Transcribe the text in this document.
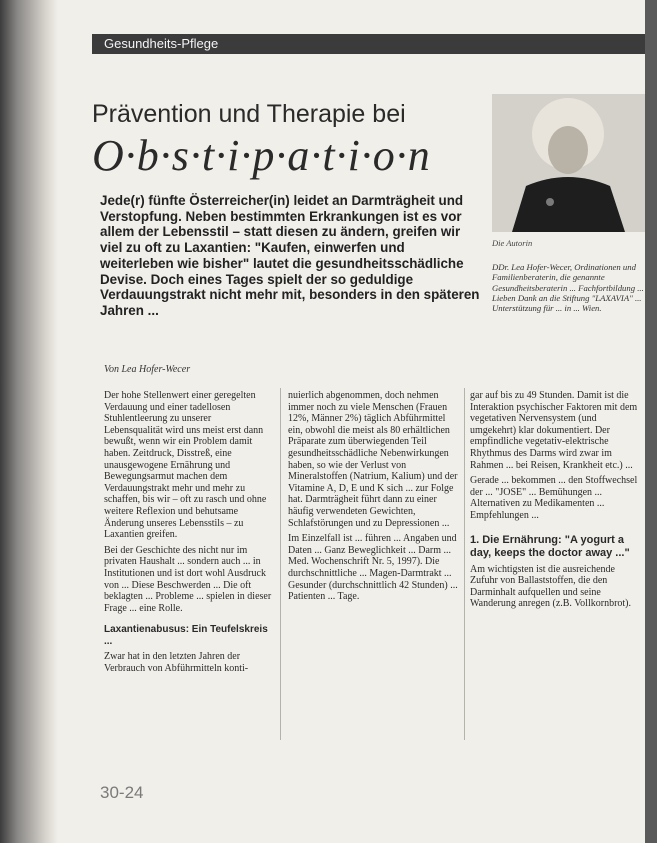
Gesundheits-Pflege
Prävention und Therapie bei
O·b·s·t·i·p·a·t·i·o·n

Jede(r) fünfte Österreicher(in) leidet an Darmträgheit und Verstopfung. Neben bestimmten Erkrankungen ist es vor allem der Lebensstil – statt diesen zu ändern, greifen wir viel zu oft zu Laxantien: "Kaufen, einwerfen und weiterleben wie bisher" lautet die gesundheitsschädliche Devise. Doch eines Tages spielt der so geduldige Verdauungstrakt nicht mehr mit, besonders in den späteren Jahren ...

Die Autorin

DDr. Lea Hofer-Wecer, Ordinationen und Familienberaterin, die genannte Gesundheitsberaterin ... Fachfortbildung ... Lieben Dank an die Stiftung "LAXAVIA" ... Unterstützung für ... in ... Wien.

Von Lea Hofer-Wecer

Der hohe Stellenwert einer geregelten Verdauung und einer tadellosen Stuhlentleerung zu unserer Lebensqualität wird uns meist erst dann bewußt, wenn wir ein Problem damit haben. Zeitdruck, Disstreß, eine unausgewogene Ernährung und Bewegungsarmut machen dem Verdauungstrakt mehr und mehr zu schaffen, bis wir – oft zu rasch und ohne weitere Reflexion und behutsame Änderung unseres Lebensstils – zu Laxantien greifen.

Bei der Geschichte des nicht nur im privaten Haushalt ... sondern auch ... in Institutionen und ist dort wohl Ausdruck von ... Diese Beschwerden ... Die oft beklagten ... Probleme ... spielen in dieser Frage ... eine Rolle.

Laxantienabusus: Ein Teufelskreis ...

Zwar hat in den letzten Jahren der Verbrauch von Abführmitteln konti-

nuierlich abgenommen, doch nehmen immer noch zu viele Menschen (Frauen 12%, Männer 2%) täglich Abführmittel ein, obwohl die meist als 80 erhältlichen Präparate zum überwiegenden Teil gesundheitsschädliche Nebenwirkungen haben, so wie der Verlust von Mineralstoffen (Natrium, Kalium) und der Vitamine A, D, E und K sich ... zur Folge hat. Darmträgheit führt dann zu einer häufig verwendeten Gewichten, Schlafstörungen und zu Depressionen ...

Im Einzelfall ist ... führen ... Angaben und Daten ... Ganz Beweglichkeit ... Darm ... Med. Wochenschrift Nr. 5, 1997). Die durchschnittliche ... Magen-Darmtrakt ... Gesunder (durchschnittlich 42 Stunden) ... Patienten ... Tage.

gar auf bis zu 49 Stunden. Damit ist die Interaktion psychischer Faktoren mit dem vegetativen Nervensystem (und umgekehrt) klar dokumentiert. Der empfindliche vegetativ-elektrische Rhythmus des Darms wird zwar im Rahmen ... bei Reisen, Krankheit etc.) ...

Gerade ... bekommen ... den Stoffwechsel der ... "JOSE" ... Bemühungen ... Alternativen zu Medikamenten ... Empfehlungen ...

1. Die Ernährung: "A yogurt a day, keeps the doctor away ..."

Am wichtigsten ist die ausreichende Zufuhr von Ballaststoffen, die den Darminhalt aufquellen und seine Wanderung anregen (z.B. Vollkornbrot).

30-24
